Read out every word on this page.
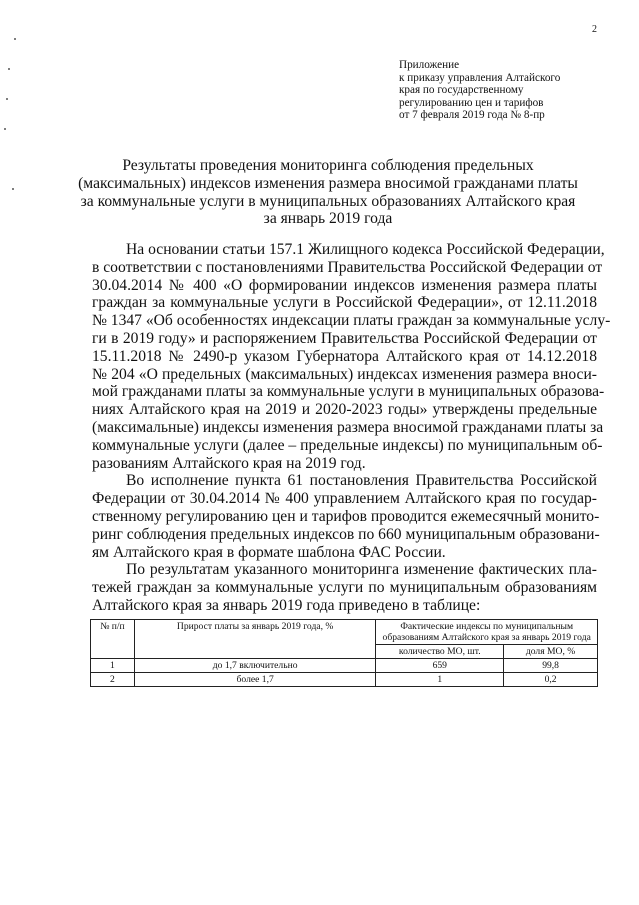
2
Приложение
к приказу управления Алтайского
края по государственному
регулированию цен и тарифов
от 7 февраля 2019 года № 8-пр
Результаты проведения мониторинга соблюдения предельных
(максимальных) индексов изменения размера вносимой гражданами платы
за коммунальные услуги в муниципальных образованиях Алтайского края
за январь 2019 года
На основании статьи 157.1 Жилищного кодекса Российской Федерации,
в соответствии с постановлениями Правительства Российской Федерации от
30.04.2014 № 400 «О формировании индексов изменения размера платы
граждан за коммунальные услуги в Российской Федерации», от 12.11.2018
№ 1347 «Об особенностях индексации платы граждан за коммунальные услу-
ги в 2019 году» и распоряжением Правительства Российской Федерации от
15.11.2018 № 2490-р указом Губернатора Алтайского края от 14.12.2018
№ 204 «О предельных (максимальных) индексах изменения размера вноси-
мой гражданами платы за коммунальные услуги в муниципальных образова-
ниях Алтайского края на 2019 и 2020-2023 годы» утверждены предельные
(максимальные) индексы изменения размера вносимой гражданами платы за
коммунальные услуги (далее – предельные индексы) по муниципальным об-
разованиям Алтайского края на 2019 год.
Во исполнение пункта 61 постановления Правительства Российской
Федерации от 30.04.2014 № 400 управлением Алтайского края по государ-
ственному регулированию цен и тарифов проводится ежемесячный монито-
ринг соблюдения предельных индексов по 660 муниципальным образовани-
ям Алтайского края в формате шаблона ФАС России.
По результатам указанного мониторинга изменение фактических пла-
тежей граждан за коммунальные услуги по муниципальным образованиям
Алтайского края за январь 2019 года приведено в таблице:
№ п/п	Прирост платы за январь 2019 года, %	Фактические индексы по муниципальным образованиям Алтайского края за январь 2019 года	
		количество МО, шт.	доля МО, %
1	до 1,7 включительно	659	99,8
2	более 1,7	1	0,2
